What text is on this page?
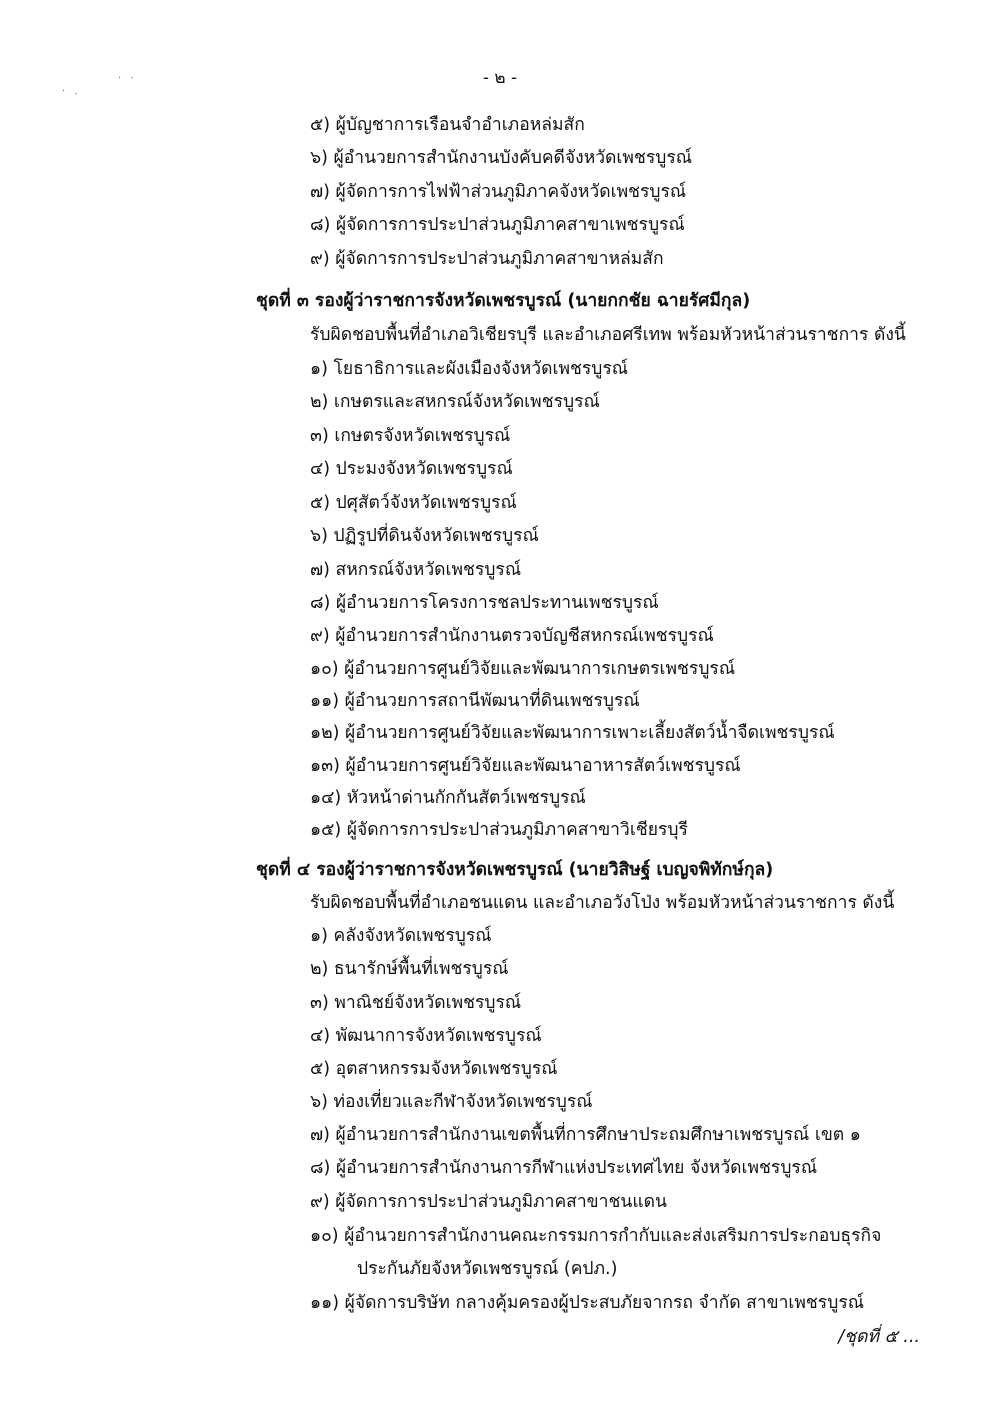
. .
· .
- ๒ -
๕) ผู้บัญชาการเรือนจำอำเภอหล่มสัก
๖) ผู้อำนวยการสำนักงานบังคับคดีจังหวัดเพชรบูรณ์
๗) ผู้จัดการการไฟฟ้าส่วนภูมิภาคจังหวัดเพชรบูรณ์
๘) ผู้จัดการการประปาส่วนภูมิภาคสาขาเพชรบูรณ์
๙) ผู้จัดการการประปาส่วนภูมิภาคสาขาหล่มสัก
ชุดที่ ๓ รองผู้ว่าราชการจังหวัดเพชรบูรณ์ (นายกกชัย ฉายรัศมีกุล)
รับผิดชอบพื้นที่อำเภอวิเชียรบุรี และอำเภอศรีเทพ พร้อมหัวหน้าส่วนราชการ ดังนี้
๑) โยธาธิการและผังเมืองจังหวัดเพชรบูรณ์
๒) เกษตรและสหกรณ์จังหวัดเพชรบูรณ์
๓) เกษตรจังหวัดเพชรบูรณ์
๔) ประมงจังหวัดเพชรบูรณ์
๕) ปศุสัตว์จังหวัดเพชรบูรณ์
๖) ปฏิรูปที่ดินจังหวัดเพชรบูรณ์
๗) สหกรณ์จังหวัดเพชรบูรณ์
๘) ผู้อำนวยการโครงการชลประทานเพชรบูรณ์
๙) ผู้อำนวยการสำนักงานตรวจบัญชีสหกรณ์เพชรบูรณ์
๑๐) ผู้อำนวยการศูนย์วิจัยและพัฒนาการเกษตรเพชรบูรณ์
๑๑) ผู้อำนวยการสถานีพัฒนาที่ดินเพชรบูรณ์
๑๒) ผู้อำนวยการศูนย์วิจัยและพัฒนาการเพาะเลี้ยงสัตว์น้ำจืดเพชรบูรณ์
๑๓) ผู้อำนวยการศูนย์วิจัยและพัฒนาอาหารสัตว์เพชรบูรณ์
๑๔) หัวหน้าด่านกักกันสัตว์เพชรบูรณ์
๑๕) ผู้จัดการการประปาส่วนภูมิภาคสาขาวิเชียรบุรี
ชุดที่ ๔ รองผู้ว่าราชการจังหวัดเพชรบูรณ์ (นายวิสิษฐ์ เบญจพิทักษ์กุล)
รับผิดชอบพื้นที่อำเภอชนแดน และอำเภอวังโป่ง พร้อมหัวหน้าส่วนราชการ ดังนี้
๑) คลังจังหวัดเพชรบูรณ์
๒) ธนารักษ์พื้นที่เพชรบูรณ์
๓) พาณิชย์จังหวัดเพชรบูรณ์
๔) พัฒนาการจังหวัดเพชรบูรณ์
๕) อุตสาหกรรมจังหวัดเพชรบูรณ์
๖) ท่องเที่ยวและกีฬาจังหวัดเพชรบูรณ์
๗) ผู้อำนวยการสำนักงานเขตพื้นที่การศึกษาประถมศึกษาเพชรบูรณ์ เขต ๑
๘) ผู้อำนวยการสำนักงานการกีฬาแห่งประเทศไทย จังหวัดเพชรบูรณ์
๙) ผู้จัดการการประปาส่วนภูมิภาคสาขาชนแดน
๑๐) ผู้อำนวยการสำนักงานคณะกรรมการกำกับและส่งเสริมการประกอบธุรกิจ
ประกันภัยจังหวัดเพชรบูรณ์ (คปภ.)
๑๑) ผู้จัดการบริษัท กลางคุ้มครองผู้ประสบภัยจากรถ จำกัด สาขาเพชรบูรณ์
/ชุดที่ ๕ ...
